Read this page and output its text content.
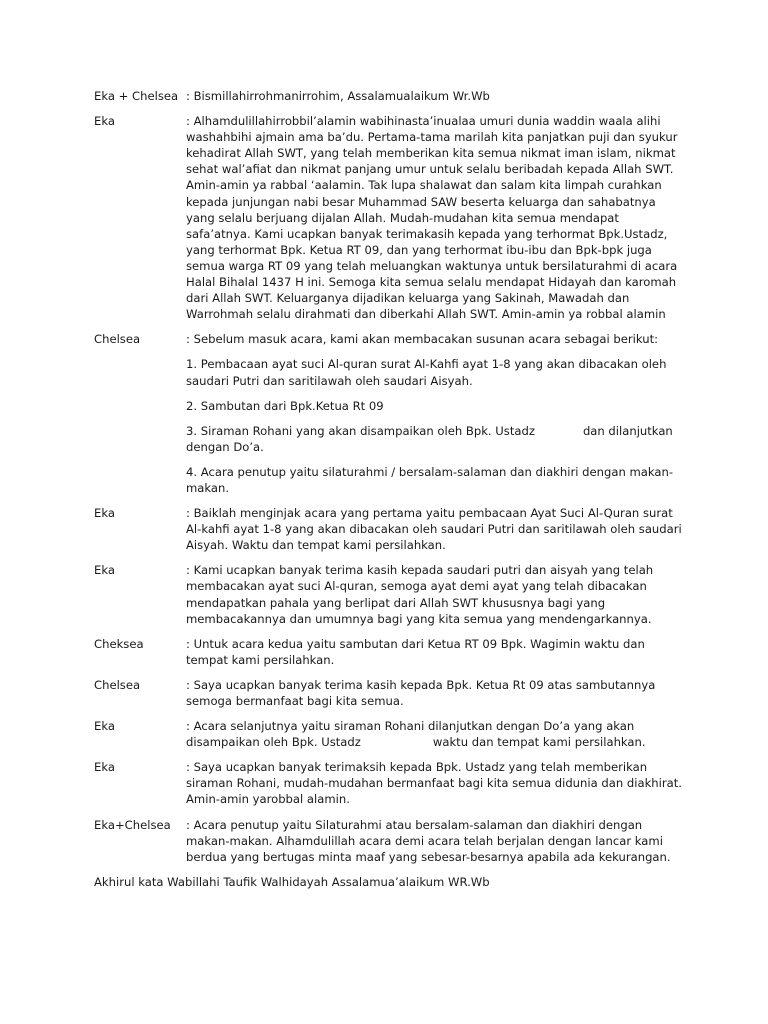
Eka + Chelsea : Bismillahirrohmanirrohim, Assalamualaikum Wr.Wb
Eka	: Alhamdulillahirrobbil’alamin wabihinasta’inualaa umuri dunia waddin waala alihi
washahbihi ajmain ama ba’du. Pertama-tama marilah kita panjatkan puji dan syukur
kehadirat Allah SWT, yang telah memberikan kita semua nikmat iman islam, nikmat
sehat wal’afiat dan nikmat panjang umur untuk selalu beribadah kepada Allah SWT.
Amin-amin ya rabbal ‘aalamin. Tak lupa shalawat dan salam kita limpah curahkan
kepada junjungan nabi besar Muhammad SAW beserta keluarga dan sahabatnya
yang selalu berjuang dijalan Allah. Mudah-mudahan kita semua mendapat
safa’atnya. Kami ucapkan banyak terimakasih kepada yang terhormat Bpk.Ustadz,
yang terhormat Bpk. Ketua RT 09, dan yang terhormat ibu-ibu dan Bpk-bpk juga
semua warga RT 09 yang telah meluangkan waktunya untuk bersilaturahmi di acara
Halal Bihalal 1437 H ini. Semoga kita semua selalu mendapat Hidayah dan karomah
dari Allah SWT. Keluarganya dijadikan keluarga yang Sakinah, Mawadah dan
Warrohmah selalu dirahmati dan diberkahi Allah SWT. Amin-amin ya robbal alamin
Chelsea	: Sebelum masuk acara, kami akan membacakan susunan acara sebagai berikut:
1. Pembacaan ayat suci Al-quran surat Al-Kahfi ayat 1-8 yang akan dibacakan oleh
saudari Putri dan saritilawah oleh saudari Aisyah.
2. Sambutan dari Bpk.Ketua Rt 09
3. Siraman Rohani yang akan disampaikan oleh Bpk. Ustadz	dan dilanjutkan
dengan Do’a.
4. Acara penutup yaitu silaturahmi / bersalam-salaman dan diakhiri dengan makan-
makan.
Eka	: Baiklah menginjak acara yang pertama yaitu pembacaan Ayat Suci Al-Quran surat
Al-kahfi ayat 1-8 yang akan dibacakan oleh saudari Putri dan saritilawah oleh saudari
Aisyah. Waktu dan tempat kami persilahkan.
Eka	: Kami ucapkan banyak terima kasih kepada saudari putri dan aisyah yang telah
membacakan ayat suci Al-quran, semoga ayat demi ayat yang telah dibacakan
mendapatkan pahala yang berlipat dari Allah SWT khususnya bagi yang
membacakannya dan umumnya bagi yang kita semua yang mendengarkannya.
Cheksea	: Untuk acara kedua yaitu sambutan dari Ketua RT 09 Bpk. Wagimin waktu dan
tempat kami persilahkan.
Chelsea	: Saya ucapkan banyak terima kasih kepada Bpk. Ketua Rt 09 atas sambutannya
semoga bermanfaat bagi kita semua.
Eka	: Acara selanjutnya yaitu siraman Rohani dilanjutkan dengan Do’a yang akan
disampaikan oleh Bpk. Ustadz	waktu dan tempat kami persilahkan.
Eka	: Saya ucapkan banyak terimaksih kepada Bpk. Ustadz yang telah memberikan
siraman Rohani, mudah-mudahan bermanfaat bagi kita semua didunia dan diakhirat.
Amin-amin yarobbal alamin.
Eka+Chelsea	: Acara penutup yaitu Silaturahmi atau bersalam-salaman dan diakhiri dengan
makan-makan. Alhamdulillah acara demi acara telah berjalan dengan lancar kami
berdua yang bertugas minta maaf yang sebesar-besarnya apabila ada kekurangan.
Akhirul kata Wabillahi Taufik Walhidayah Assalamua’alaikum WR.Wb
